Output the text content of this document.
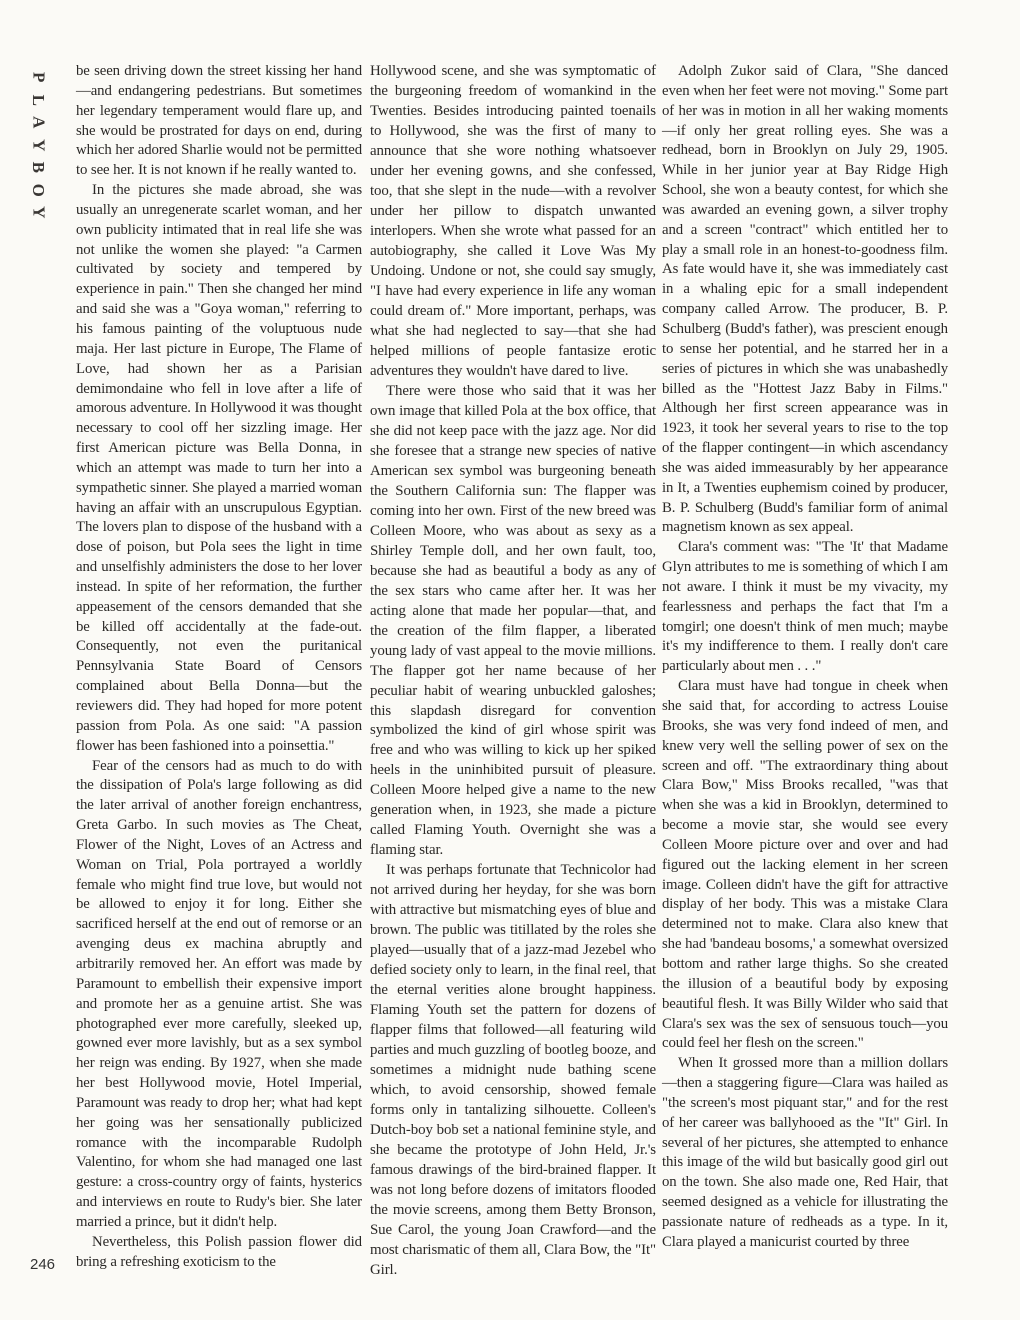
P
L
A
Y
B
O
Y

be seen driving down the street kissing her hand—and endangering pedestrians. But sometimes her legendary temperament would flare up, and she would be prostrated for days on end, during which her adored Sharlie would not be permitted to see her. It is not known if he really wanted to.

In the pictures she made abroad, she was usually an unregenerate scarlet woman, and her own publicity intimated that in real life she was not unlike the women she played: "a Carmen cultivated by society and tempered by experience in pain." Then she changed her mind and said she was a "Goya woman," referring to his famous painting of the voluptuous nude maja. Her last picture in Europe, The Flame of Love, had shown her as a Parisian demimondaine who fell in love after a life of amorous adventure. In Hollywood it was thought necessary to cool off her sizzling image. Her first American picture was Bella Donna, in which an attempt was made to turn her into a sympathetic sinner. She played a married woman having an affair with an unscrupulous Egyptian. The lovers plan to dispose of the husband with a dose of poison, but Pola sees the light in time and unselfishly administers the dose to her lover instead. In spite of her reformation, the further appeasement of the censors demanded that she be killed off accidentally at the fade-out. Consequently, not even the puritanical Pennsylvania State Board of Censors complained about Bella Donna—but the reviewers did. They had hoped for more potent passion from Pola. As one said: "A passion flower has been fashioned into a poinsettia."

Fear of the censors had as much to do with the dissipation of Pola's large following as did the later arrival of another foreign enchantress, Greta Garbo. In such movies as The Cheat, Flower of the Night, Loves of an Actress and Woman on Trial, Pola portrayed a worldly female who might find true love, but would not be allowed to enjoy it for long. Either she sacrificed herself at the end out of remorse or an avenging deus ex machina abruptly and arbitrarily removed her. An effort was made by Paramount to embellish their expensive import and promote her as a genuine artist. She was photographed ever more carefully, sleeked up, gowned ever more lavishly, but as a sex symbol her reign was ending. By 1927, when she made her best Hollywood movie, Hotel Imperial, Paramount was ready to drop her; what had kept her going was her sensationally publicized romance with the incomparable Rudolph Valentino, for whom she had managed one last gesture: a cross-country orgy of faints, hysterics and interviews en route to Rudy's bier. She later married a prince, but it didn't help.

Nevertheless, this Polish passion flower did bring a refreshing exoticism to the

Hollywood scene, and she was symptomatic of the burgeoning freedom of womankind in the Twenties. Besides introducing painted toenails to Hollywood, she was the first of many to announce that she wore nothing whatsoever under her evening gowns, and she confessed, too, that she slept in the nude—with a revolver under her pillow to dispatch unwanted interlopers. When she wrote what passed for an autobiography, she called it Love Was My Undoing. Undone or not, she could say smugly, "I have had every experience in life any woman could dream of." More important, perhaps, was what she had neglected to say—that she had helped millions of people fantasize erotic adventures they wouldn't have dared to live.

There were those who said that it was her own image that killed Pola at the box office, that she did not keep pace with the jazz age. Nor did she foresee that a strange new species of native American sex symbol was burgeoning beneath the Southern California sun: The flapper was coming into her own. First of the new breed was Colleen Moore, who was about as sexy as a Shirley Temple doll, and her own fault, too, because she had as beautiful a body as any of the sex stars who came after her. It was her acting alone that made her popular—that, and the creation of the film flapper, a liberated young lady of vast appeal to the movie millions. The flapper got her name because of her peculiar habit of wearing unbuckled galoshes; this slapdash disregard for convention symbolized the kind of girl whose spirit was free and who was willing to kick up her spiked heels in the uninhibited pursuit of pleasure. Colleen Moore helped give a name to the new generation when, in 1923, she made a picture called Flaming Youth. Overnight she was a flaming star.

It was perhaps fortunate that Technicolor had not arrived during her heyday, for she was born with attractive but mismatching eyes of blue and brown. The public was titillated by the roles she played—usually that of a jazz-mad Jezebel who defied society only to learn, in the final reel, that the eternal verities alone brought happiness. Flaming Youth set the pattern for dozens of flapper films that followed—all featuring wild parties and much guzzling of bootleg booze, and sometimes a midnight nude bathing scene which, to avoid censorship, showed female forms only in tantalizing silhouette. Colleen's Dutch-boy bob set a national feminine style, and she became the prototype of John Held, Jr.'s famous drawings of the bird-brained flapper. It was not long before dozens of imitators flooded the movie screens, among them Betty Bronson, Sue Carol, the young Joan Crawford—and the most charismatic of them all, Clara Bow, the "It" Girl.

Adolph Zukor said of Clara, "She danced even when her feet were not moving." Some part of her was in motion in all her waking moments—if only her great rolling eyes. She was a redhead, born in Brooklyn on July 29, 1905. While in her junior year at Bay Ridge High School, she won a beauty contest, for which she was awarded an evening gown, a silver trophy and a screen "contract" which entitled her to play a small role in an honest-to-goodness film. As fate would have it, she was immediately cast in a whaling epic for a small independent company called Arrow. The producer, B. P. Schulberg (Budd's father), was prescient enough to sense her potential, and he starred her in a series of pictures in which she was unabashedly billed as the "Hottest Jazz Baby in Films." Although her first screen appearance was in 1923, it took her several years to rise to the top of the flapper contingent—in which ascendancy she was aided immeasurably by her appearance in It, a Twenties euphemism coined by producer, B. P. Schulberg (Budd's familiar form of animal magnetism known as sex appeal.

Clara's comment was: "The 'It' that Madame Glyn attributes to me is something of which I am not aware. I think it must be my vivacity, my fearlessness and perhaps the fact that I'm a tomgirl; one doesn't think of men much; maybe it's my indifference to them. I really don't care particularly about men . . ."

Clara must have had tongue in cheek when she said that, for according to actress Louise Brooks, she was very fond indeed of men, and knew very well the selling power of sex on the screen and off. "The extraordinary thing about Clara Bow," Miss Brooks recalled, "was that when she was a kid in Brooklyn, determined to become a movie star, she would see every Colleen Moore picture over and over and had figured out the lacking element in her screen image. Colleen didn't have the gift for attractive display of her body. This was a mistake Clara determined not to make. Clara also knew that she had 'bandeau bosoms,' a somewhat oversized bottom and rather large thighs. So she created the illusion of a beautiful body by exposing beautiful flesh. It was Billy Wilder who said that Clara's sex was the sex of sensuous touch—you could feel her flesh on the screen."

When It grossed more than a million dollars—then a staggering figure—Clara was hailed as "the screen's most piquant star," and for the rest of her career was ballyhooed as the "It" Girl. In several of her pictures, she attempted to enhance this image of the wild but basically good girl out on the town. She also made one, Red Hair, that seemed designed as a vehicle for illustrating the passionate nature of redheads as a type. In it, Clara played a manicurist courted by three

246
